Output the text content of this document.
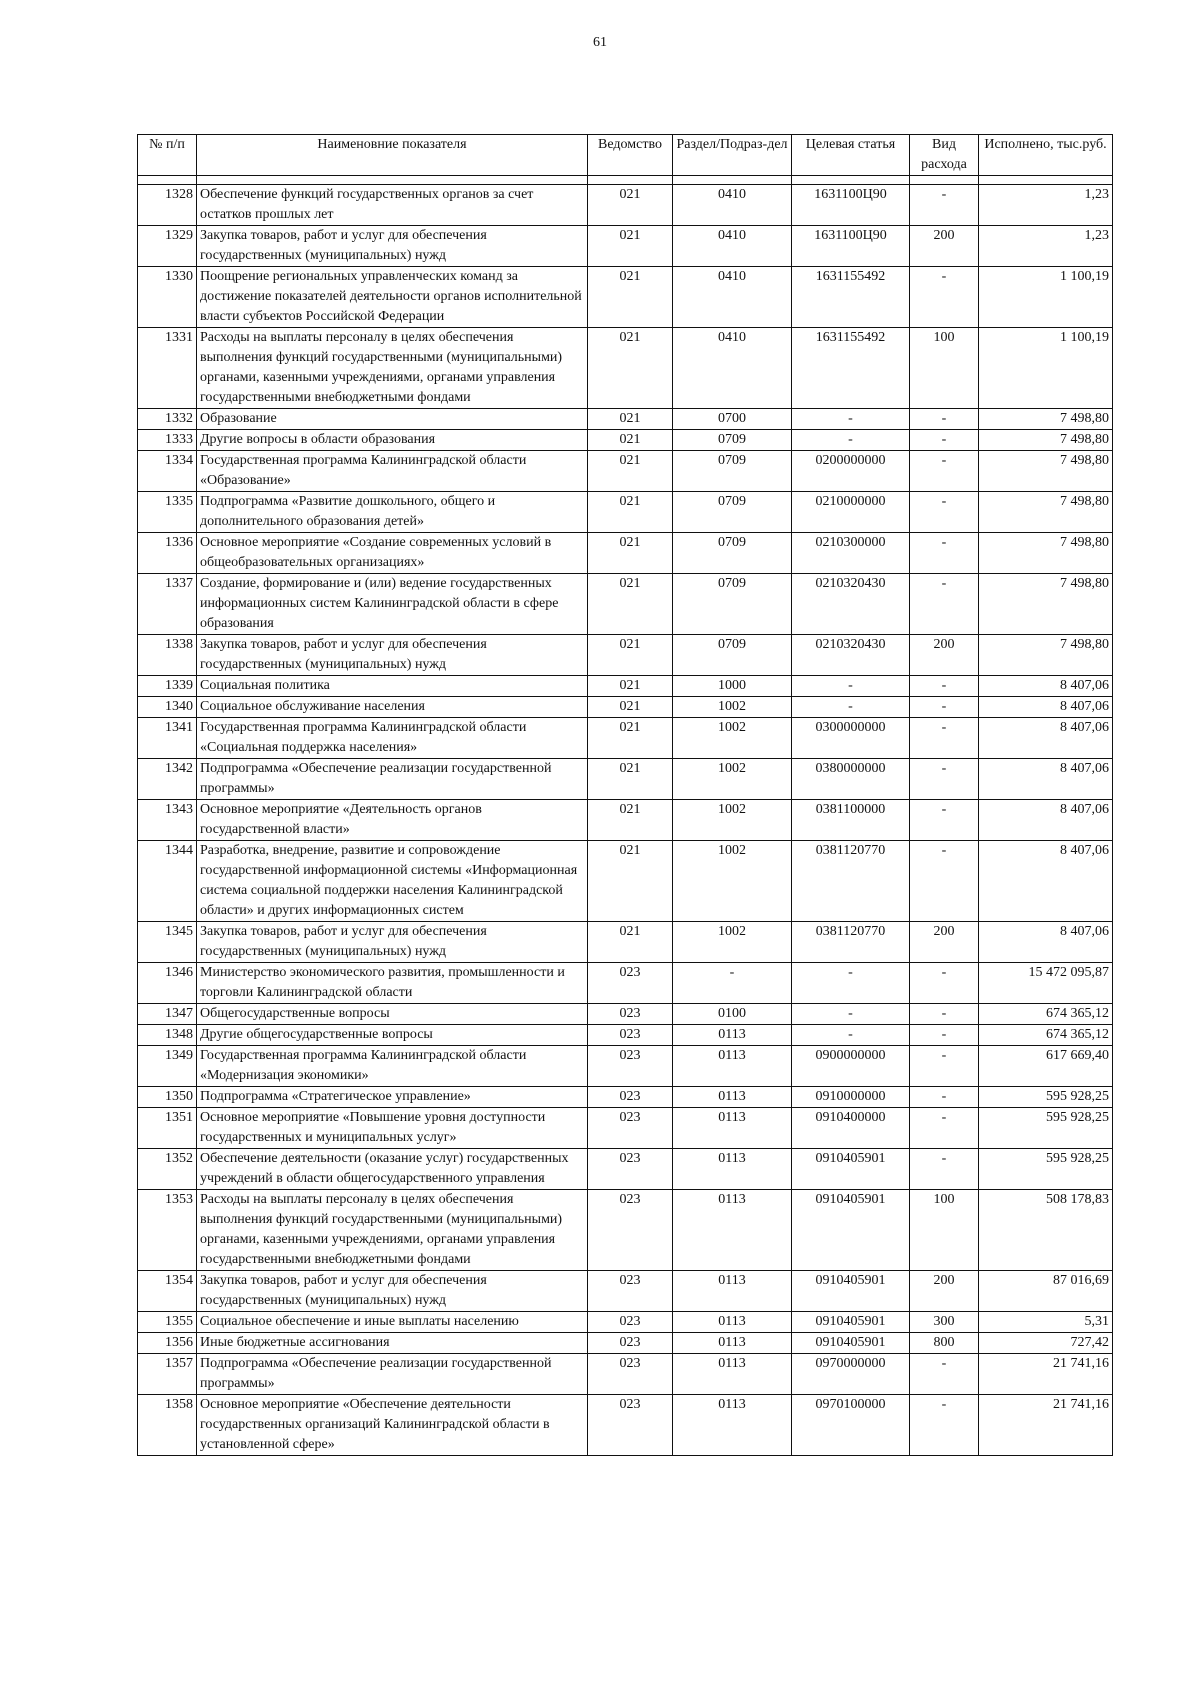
61
№ п/п	Наименовние показателя	Ведомство	Раздел/Подраз-дел	Целевая статья	Вид расхода	Исполнено, тыс.руб.

1328	Обеспечение функций государственных органов за счет остатков прошлых лет	021	0410	1631100Ц90	-	1,23
1329	Закупка товаров, работ и услуг для обеспечения государственных (муниципальных) нужд	021	0410	1631100Ц90	200	1,23
1330	Поощрение региональных управленческих команд за достижение показателей деятельности органов исполнительной власти субъектов Российской Федерации	021	0410	1631155492	-	1 100,19
1331	Расходы на выплаты персоналу в целях обеспечения выполнения функций государственными (муниципальными) органами, казенными учреждениями, органами управления государственными внебюджетными фондами	021	0410	1631155492	100	1 100,19
1332	Образование	021	0700	-	-	7 498,80
1333	Другие вопросы в области образования	021	0709	-	-	7 498,80
1334	Государственная программа Калининградской области «Образование»	021	0709	0200000000	-	7 498,80
1335	Подпрограмма «Развитие дошкольного, общего и дополнительного образования детей»	021	0709	0210000000	-	7 498,80
1336	Основное мероприятие «Создание современных условий в общеобразовательных организациях»	021	0709	0210300000	-	7 498,80
1337	Создание, формирование и (или) ведение государственных информационных систем Калининградской области в сфере образования	021	0709	0210320430	-	7 498,80
1338	Закупка товаров, работ и услуг для обеспечения государственных (муниципальных) нужд	021	0709	0210320430	200	7 498,80
1339	Социальная политика	021	1000	-	-	8 407,06
1340	Социальное обслуживание населения	021	1002	-	-	8 407,06
1341	Государственная программа Калининградской области «Социальная поддержка населения»	021	1002	0300000000	-	8 407,06
1342	Подпрограмма «Обеспечение реализации государственной программы»	021	1002	0380000000	-	8 407,06
1343	Основное мероприятие «Деятельность органов государственной власти»	021	1002	0381100000	-	8 407,06
1344	Разработка, внедрение, развитие и сопровождение государственной информационной системы «Информационная система социальной поддержки населения Калининградской области» и других информационных систем	021	1002	0381120770	-	8 407,06
1345	Закупка товаров, работ и услуг для обеспечения государственных (муниципальных) нужд	021	1002	0381120770	200	8 407,06
1346	Министерство экономического развития, промышленности и торговли Калининградской области	023	-	-	-	15 472 095,87
1347	Общегосударственные вопросы	023	0100	-	-	674 365,12
1348	Другие общегосударственные вопросы	023	0113	-	-	674 365,12
1349	Государственная программа Калининградской области «Модернизация экономики»	023	0113	0900000000	-	617 669,40
1350	Подпрограмма «Стратегическое управление»	023	0113	0910000000	-	595 928,25
1351	Основное мероприятие «Повышение уровня доступности государственных и муниципальных услуг»	023	0113	0910400000	-	595 928,25
1352	Обеспечение деятельности (оказание услуг) государственных учреждений в области общегосударственного управления	023	0113	0910405901	-	595 928,25
1353	Расходы на выплаты персоналу в целях обеспечения выполнения функций государственными (муниципальными) органами, казенными учреждениями, органами управления государственными внебюджетными фондами	023	0113	0910405901	100	508 178,83
1354	Закупка товаров, работ и услуг для обеспечения государственных (муниципальных) нужд	023	0113	0910405901	200	87 016,69
1355	Социальное обеспечение и иные выплаты населению	023	0113	0910405901	300	5,31
1356	Иные бюджетные ассигнования	023	0113	0910405901	800	727,42
1357	Подпрограмма «Обеспечение реализации государственной программы»	023	0113	0970000000	-	21 741,16
1358	Основное мероприятие «Обеспечение деятельности государственных организаций Калининградской области в установленной сфере»	023	0113	0970100000	-	21 741,16
